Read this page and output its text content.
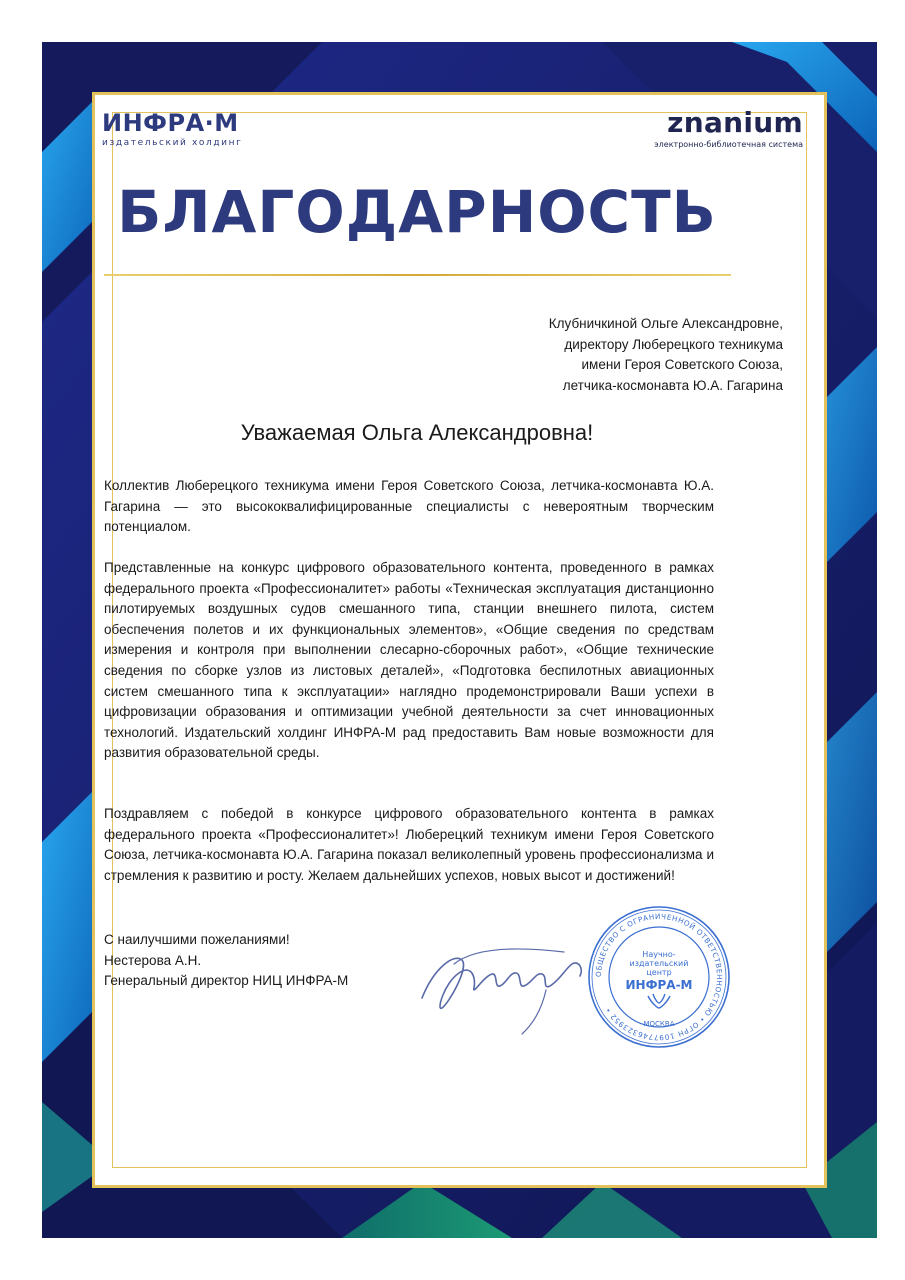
ИНФРА·М
издательский холдинг
znanium
электронно-библиотечная система
БЛАГОДАРНОСТЬ
Клубничкиной Ольге Александровне,
директору Люберецкого техникума
имени Героя Советского Союза,
летчика-космонавта Ю.А. Гагарина
Уважаемая Ольга Александровна!
Коллектив Люберецкого техникума имени Героя Советского Союза, летчика-космонавта Ю.А. Гагарина — это высококвалифицированные специалисты с невероятным творческим потенциалом.
Представленные на конкурс цифрового образовательного контента, проведенного в рамках федерального проекта «Профессионалитет» работы «Техническая эксплуатация дистанционно пилотируемых воздушных судов смешанного типа, станции внешнего пилота, систем обеспечения полетов и их функциональных элементов», «Общие сведения по средствам измерения и контроля при выполнении слесарно-сборочных работ», «Общие технические сведения по сборке узлов из листовых деталей», «Подготовка беспилотных авиационных систем смешанного типа к эксплуатации» наглядно продемонстрировали Ваши успехи в цифровизации образования и оптимизации учебной деятельности за счет инновационных технологий. Издательский холдинг ИНФРА-М рад предоставить Вам новые возможности для развития образовательной среды.
Поздравляем с победой в конкурсе цифрового образовательного контента в рамках федерального проекта «Профессионалитет»! Люберецкий техникум имени Героя Советского Союза, летчика-космонавта Ю.А. Гагарина показал великолепный уровень профессионализма и стремления к развитию и росту. Желаем дальнейших успехов, новых высот и достижений!
С наилучшими пожеланиями!
Нестерова А.Н.
Генеральный директор НИЦ ИНФРА-М	ОБЩЕСТВО С ОГРАНИЧЕННОЙ ОТВЕТСТВЕННОСТЬЮ • ОГРН 1097746323952 •
Научно-
издательский
центр
ИНФРА-М
МОСКВА
